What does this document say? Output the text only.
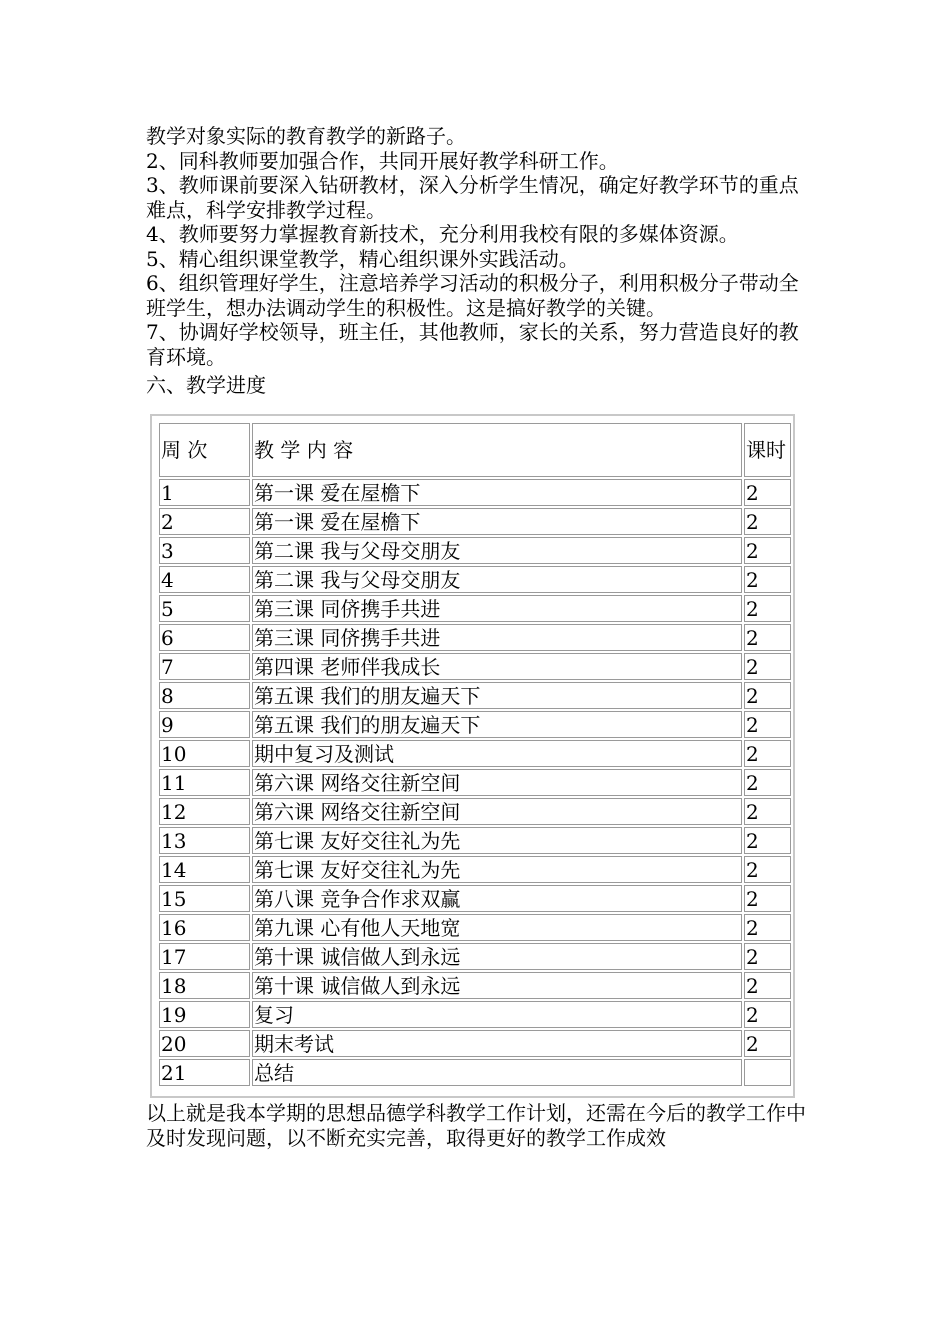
教学对象实际的教育教学的新路子。
2、同科教师要加强合作，共同开展好教学科研工作。
3、教师课前要深入钻研教材，深入分析学生情况，确定好教学环节的重点难点，科学安排教学过程。
4、教师要努力掌握教育新技术，充分利用我校有限的多媒体资源。
5、精心组织课堂教学，精心组织课外实践活动。
6、组织管理好学生，注意培养学习活动的积极分子，利用积极分子带动全班学生，想办法调动学生的积极性。这是搞好教学的关键。
7、协调好学校领导，班主任，其他教师，家长的关系，努力营造良好的教育环境。
六、教学进度
周 次	教 学 内 容	课时
1	第一课 爱在屋檐下	2
2	第一课 爱在屋檐下	2
3	第二课 我与父母交朋友	2
4	第二课 我与父母交朋友	2
5	第三课 同侪携手共进	2
6	第三课 同侪携手共进	2
7	第四课 老师伴我成长	2
8	第五课 我们的朋友遍天下	2
9	第五课 我们的朋友遍天下	2
10	期中复习及测试	2
11	第六课 网络交往新空间	2
12	第六课 网络交往新空间	2
13	第七课 友好交往礼为先	2
14	第七课 友好交往礼为先	2
15	第八课 竞争合作求双赢	2
16	第九课 心有他人天地宽	2
17	第十课 诚信做人到永远	2
18	第十课 诚信做人到永远	2
19	复习	2
20	期末考试	2
21	总结	
以上就是我本学期的思想品德学科教学工作计划，还需在今后的教学工作中及时发现问题，以不断充实完善，取得更好的教学工作成效
